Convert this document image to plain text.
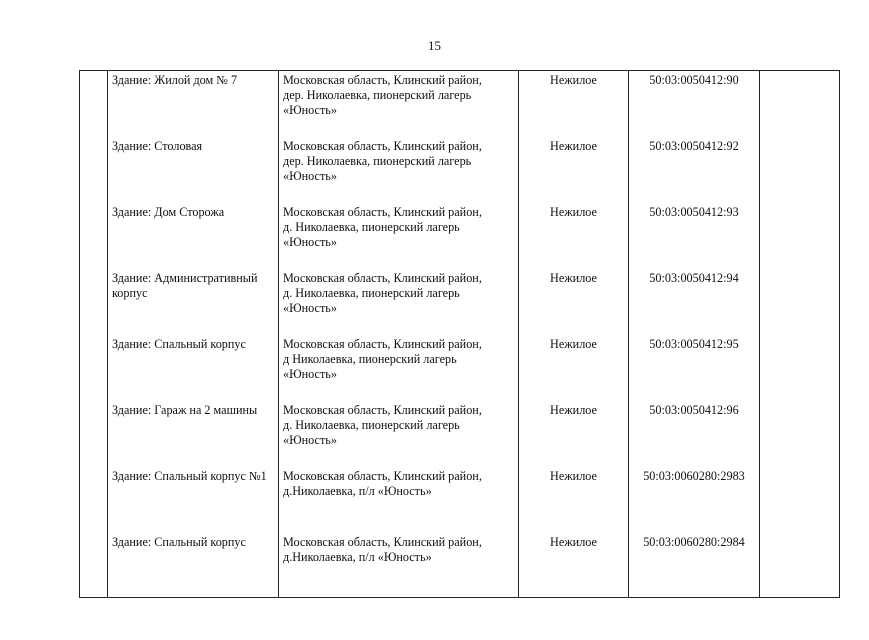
15
	Здание: Жилой дом № 7	Московская область, Клинский район,
дер. Николаевка, пионерский лагерь
«Юность»	Нежилое	50:03:0050412:90	
	Здание: Столовая	Московская область, Клинский район,
дер. Николаевка, пионерский лагерь
«Юность»	Нежилое	50:03:0050412:92	
	Здание: Дом Сторожа	Московская область, Клинский район,
д. Николаевка, пионерский лагерь
«Юность»	Нежилое	50:03:0050412:93	
	Здание: Административный корпус	Московская область, Клинский район,
д. Николаевка, пионерский лагерь
«Юность»	Нежилое	50:03:0050412:94	
	Здание: Спальный корпус	Московская область, Клинский район,
д Николаевка, пионерский лагерь
«Юность»	Нежилое	50:03:0050412:95	
	Здание: Гараж на 2 машины	Московская область, Клинский район,
д. Николаевка, пионерский лагерь
«Юность»	Нежилое	50:03:0050412:96	
	Здание: Спальный корпус №1	Московская область, Клинский район,
д.Николаевка, п/л «Юность»	Нежилое	50:03:0060280:2983	
	Здание: Спальный корпус	Московская область, Клинский район,
д.Николаевка, п/л «Юность»	Нежилое	50:03:0060280:2984	
